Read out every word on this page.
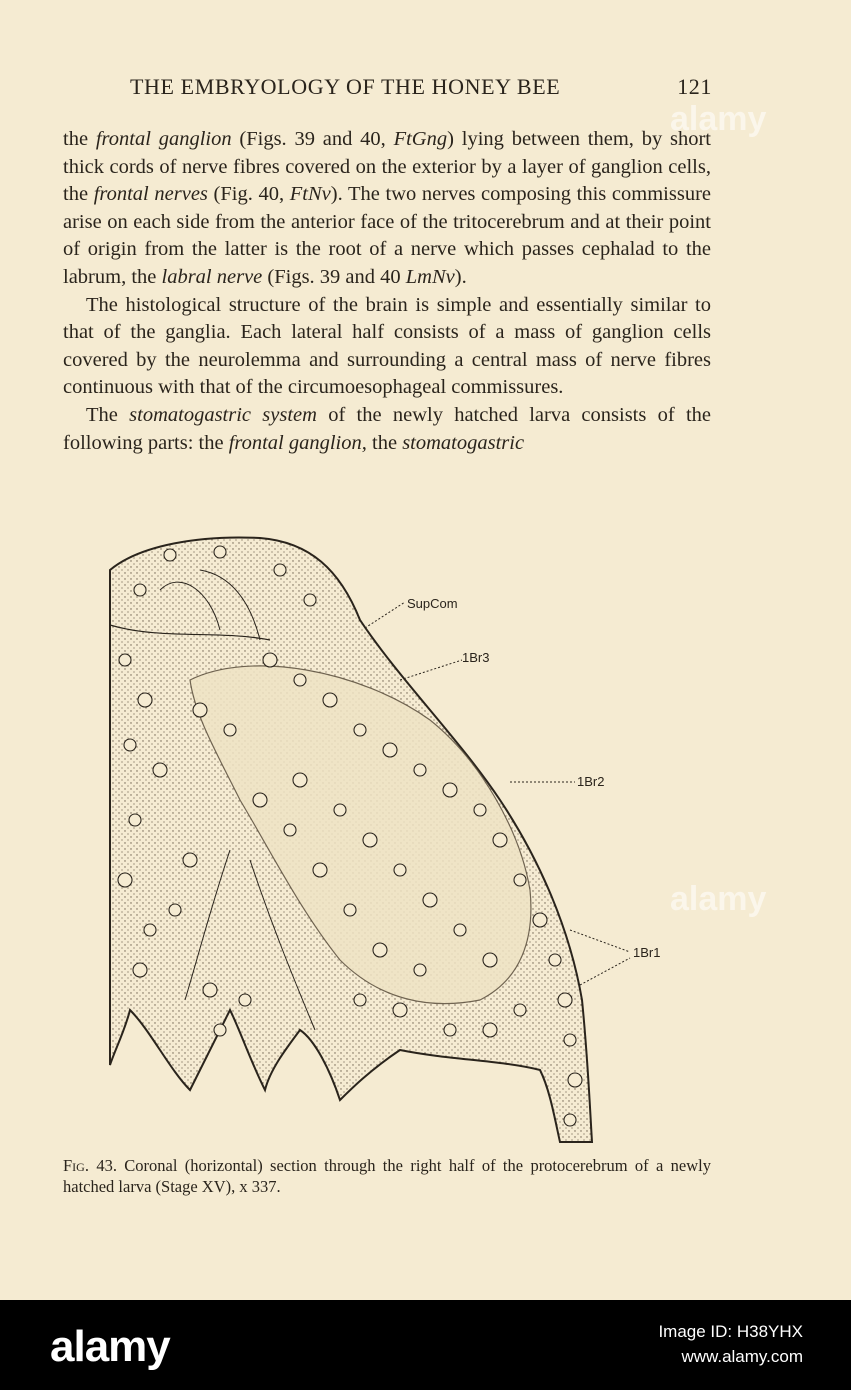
THE EMBRYOLOGY OF THE HONEY BEE	121

the frontal ganglion (Figs. 39 and 40, FtGng) lying between them, by short thick cords of nerve fibres covered on the exterior by a layer of ganglion cells, the frontal nerves (Fig. 40, FtNv). The two nerves composing this commissure arise on each side from the anterior face of the tritocerebrum and at their point of origin from the latter is the root of a nerve which passes cephalad to the labrum, the labral nerve (Figs. 39 and 40 LmNv).

The histological structure of the brain is simple and essentially similar to that of the ganglia. Each lateral half consists of a mass of ganglion cells covered by the neurolemma and surrounding a central mass of nerve fibres continuous with that of the circumoesophageal commissures.

The stomatogastric system of the newly hatched larva consists of the following parts: the frontal ganglion, the stomatogastric

SupCom
1Br3
1Br2
1Br1
Fig. 43. Coronal (horizontal) section through the right half of the protocerebrum of a newly hatched larva (Stage XV), x 337.
alamy
alamy
alamy	Image ID: H38YHX
www.alamy.com
